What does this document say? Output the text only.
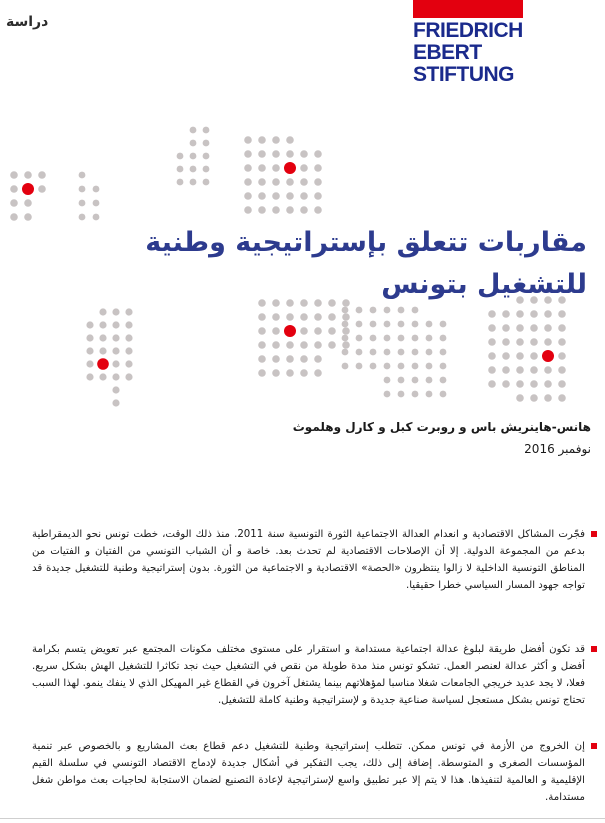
دراسة	FRIEDRICH
EBERT
STIFTUNG
مقاربات تتعلق بإستراتيجية وطنية
للتشغيل بتونس
هانس-هاينريش باس و روبرت كبل و كارل وهلموث
نوفمبر 2016
فجّرت المشاكل الاقتصادية و انعدام العدالة الاجتماعية الثورة التونسية سنة 2011. منذ ذلك الوقت، خطت تونس نحو الديمقراطية بدعم من المجموعة الدولية. إلا أن الإصلاحات الاقتصادية لم تحدث بعد. خاصة و أن الشباب التونسي من الفتيان و الفتيات من المناطق التونسية الداخلية لا زالوا ينتظرون «الحصة» الاقتصادية و الاجتماعية من الثورة. بدون إستراتيجية وطنية للتشغيل جديدة قد تواجه جهود المسار السياسي خطرا حقيقيا.
قد تكون أفضل طريقة لبلوغ عدالة اجتماعية مستدامة و استقرار على مستوى مختلف مكونات المجتمع عبر تعويض يتسم بكرامة أفضل و أكثر عدالة لعنصر العمل. تشكو تونس منذ مدة طويلة من نقص في التشغيل حيث نجد تكاثرا للتشغيل الهش بشكل سريع. فعلا، لا يجد عديد خريجي الجامعات شغلا مناسبا لمؤهلاتهم بينما يشتغل آخرون في القطاع غير المهيكل الذي لا ينفك ينمو. لهذا السبب تحتاج تونس بشكل مستعجل لسياسة صناعية جديدة و لإستراتيجية وطنية كاملة للتشغيل.
إن الخروج من الأزمة في تونس ممكن. تتطلب إستراتيجية وطنية للتشغيل دعم قطاع بعث المشاريع و بالخصوص عبر تنمية المؤسسات الصغرى و المتوسطة. إضافة إلى ذلك، يجب التفكير في أشكال جديدة لإدماج الاقتصاد التونسي في سلسلة القيم الإقليمية و العالمية لتنفيذها. هذا لا يتم إلا عبر تطبيق واسع لإستراتيجية لإعادة التصنيع لضمان الاستجابة لحاجيات بعث مواطن شغل مستدامة.
